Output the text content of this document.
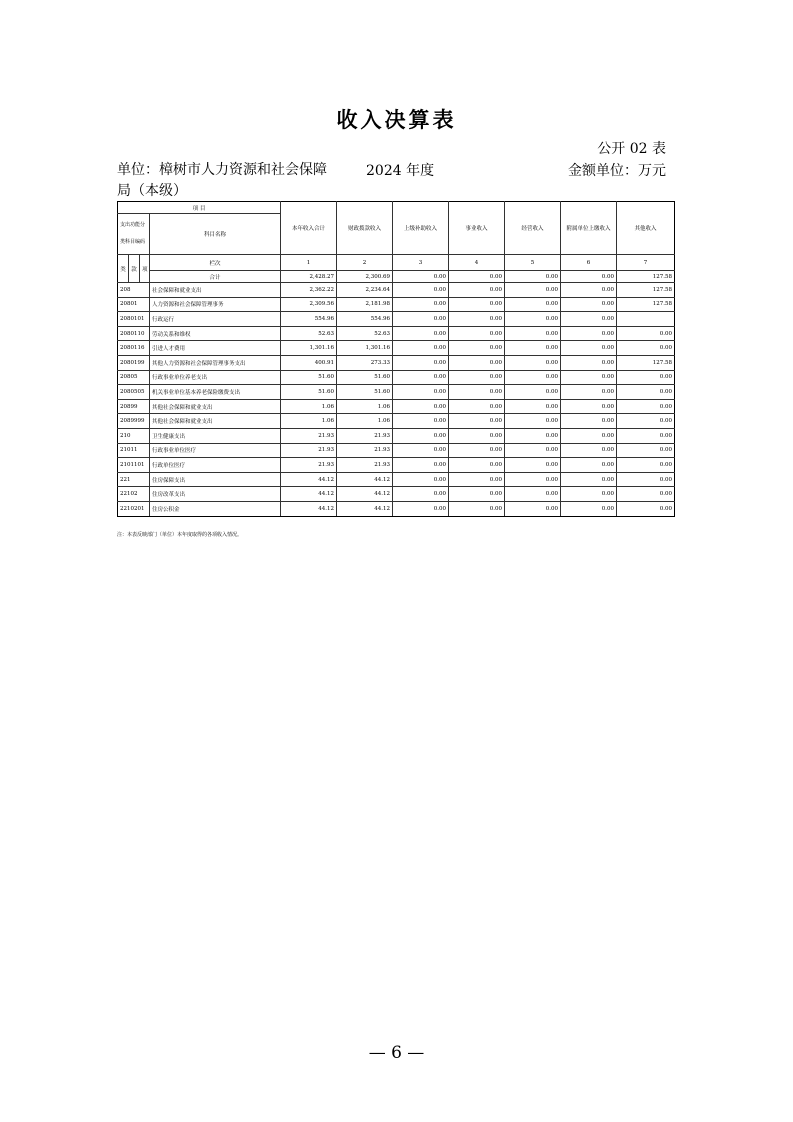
收入决算表
公开 02 表
单位：樟树市人力资源和社会保障局（本级）
2024 年度	金额单位：万元
项 目				本年收入合计	财政拨款收入	上级补助收入	事业收入	经营收入	附属单位上缴收入	其他收入

支出功能分
类科目编码			科目名称							
类	款	项	栏次	1	2	3	4	5	6	7
			合计	2,428.27	2,300.69	0.00	0.00	0.00	0.00	127.58
208			社会保障和就业支出	2,362.22	2,234.64	0.00	0.00	0.00	0.00	127.58
20801			人力资源和社会保障管理事务	2,309.56	2,181.98	0.00	0.00	0.00	0.00	127.58
2080101			行政运行	554.96	554.96	0.00	0.00	0.00	0.00	
2080110			劳动关系和维权	52.63	52.63	0.00	0.00	0.00	0.00	0.00
2080116			引进人才费用	1,301.16	1,301.16	0.00	0.00	0.00	0.00	0.00
2080199			其他人力资源和社会保障管理事务支出	400.91	273.33	0.00	0.00	0.00	0.00	127.58
20805			行政事业单位养老支出	51.60	51.60	0.00	0.00	0.00	0.00	0.00
2080505			机关事业单位基本养老保险缴费支出	51.60	51.60	0.00	0.00	0.00	0.00	0.00
20899			其他社会保障和就业支出	1.06	1.06	0.00	0.00	0.00	0.00	0.00
2089999			其他社会保障和就业支出	1.06	1.06	0.00	0.00	0.00	0.00	0.00
210			卫生健康支出	21.93	21.93	0.00	0.00	0.00	0.00	0.00
21011			行政事业单位医疗	21.93	21.93	0.00	0.00	0.00	0.00	0.00
2101101			行政单位医疗	21.93	21.93	0.00	0.00	0.00	0.00	0.00
221			住房保障支出	44.12	44.12	0.00	0.00	0.00	0.00	0.00
22102			住房改革支出	44.12	44.12	0.00	0.00	0.00	0.00	0.00
2210201			住房公积金	44.12	44.12	0.00	0.00	0.00	0.00	0.00
注：本表反映部门（单位）本年度取得的各项收入情况。
— 6 —
